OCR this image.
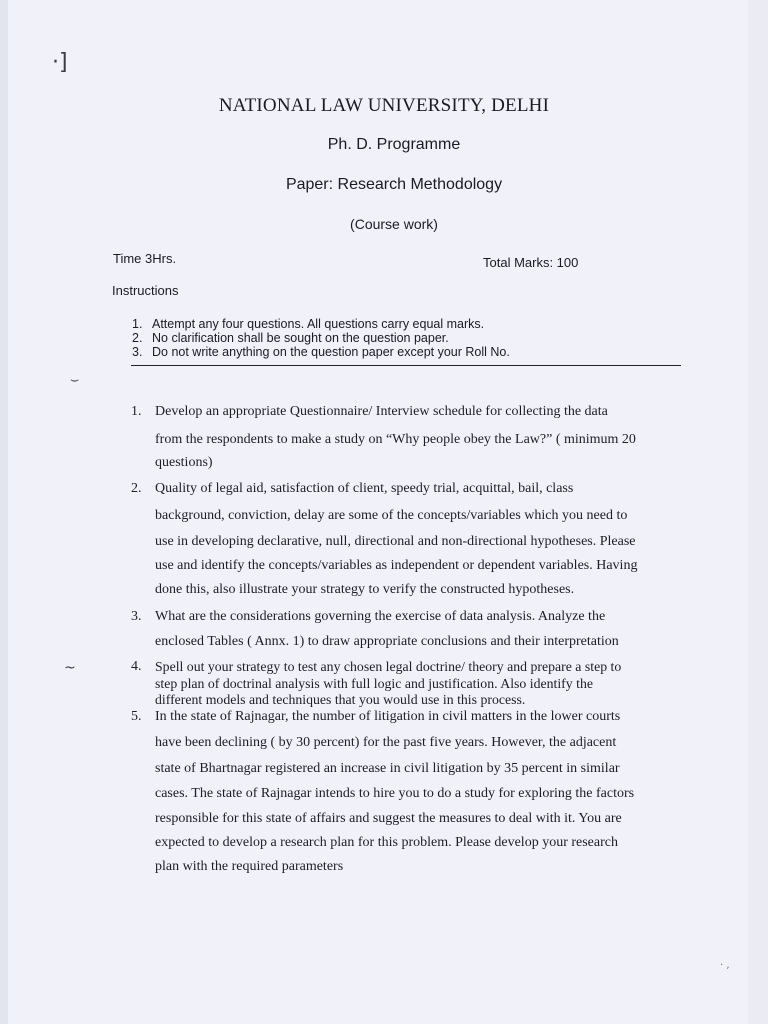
·]
⌣
~
· ,
NATIONAL LAW UNIVERSITY, DELHI
Ph. D. Programme
Paper: Research Methodology
(Course work)
Time 3Hrs.	Total Marks: 100
Instructions
1. Attempt any four questions. All questions carry equal marks.
2. No clarification shall be sought on the question paper.
3. Do not write anything on the question paper except your Roll No.
1. Develop an appropriate Questionnaire/ Interview schedule for collecting the data
from the respondents to make a study on “Why people obey the Law?” ( minimum 20
questions)
2. Quality of legal aid, satisfaction of client, speedy trial, acquittal, bail, class
background, conviction, delay are some of the concepts/variables which you need to
use in developing declarative, null, directional and non-directional hypotheses. Please
use and identify the concepts/variables as independent or dependent variables. Having
done this, also illustrate your strategy to verify the constructed hypotheses.
3. What are the considerations governing the exercise of data analysis. Analyze the
enclosed Tables ( Annx. 1) to draw appropriate conclusions and their interpretation
4. Spell out your strategy to test any chosen legal doctrine/ theory and prepare a step to
step plan of doctrinal analysis with full logic and justification. Also identify the
different models and techniques that you would use in this process.
5. In the state of Rajnagar, the number of litigation in civil matters in the lower courts
have been declining ( by 30 percent) for the past five years. However, the adjacent
state of Bhartnagar registered an increase in civil litigation by 35 percent in similar
cases. The state of Rajnagar intends to hire you to do a study for exploring the factors
responsible for this state of affairs and suggest the measures to deal with it. You are
expected to develop a research plan for this problem. Please develop your research
plan with the required parameters
